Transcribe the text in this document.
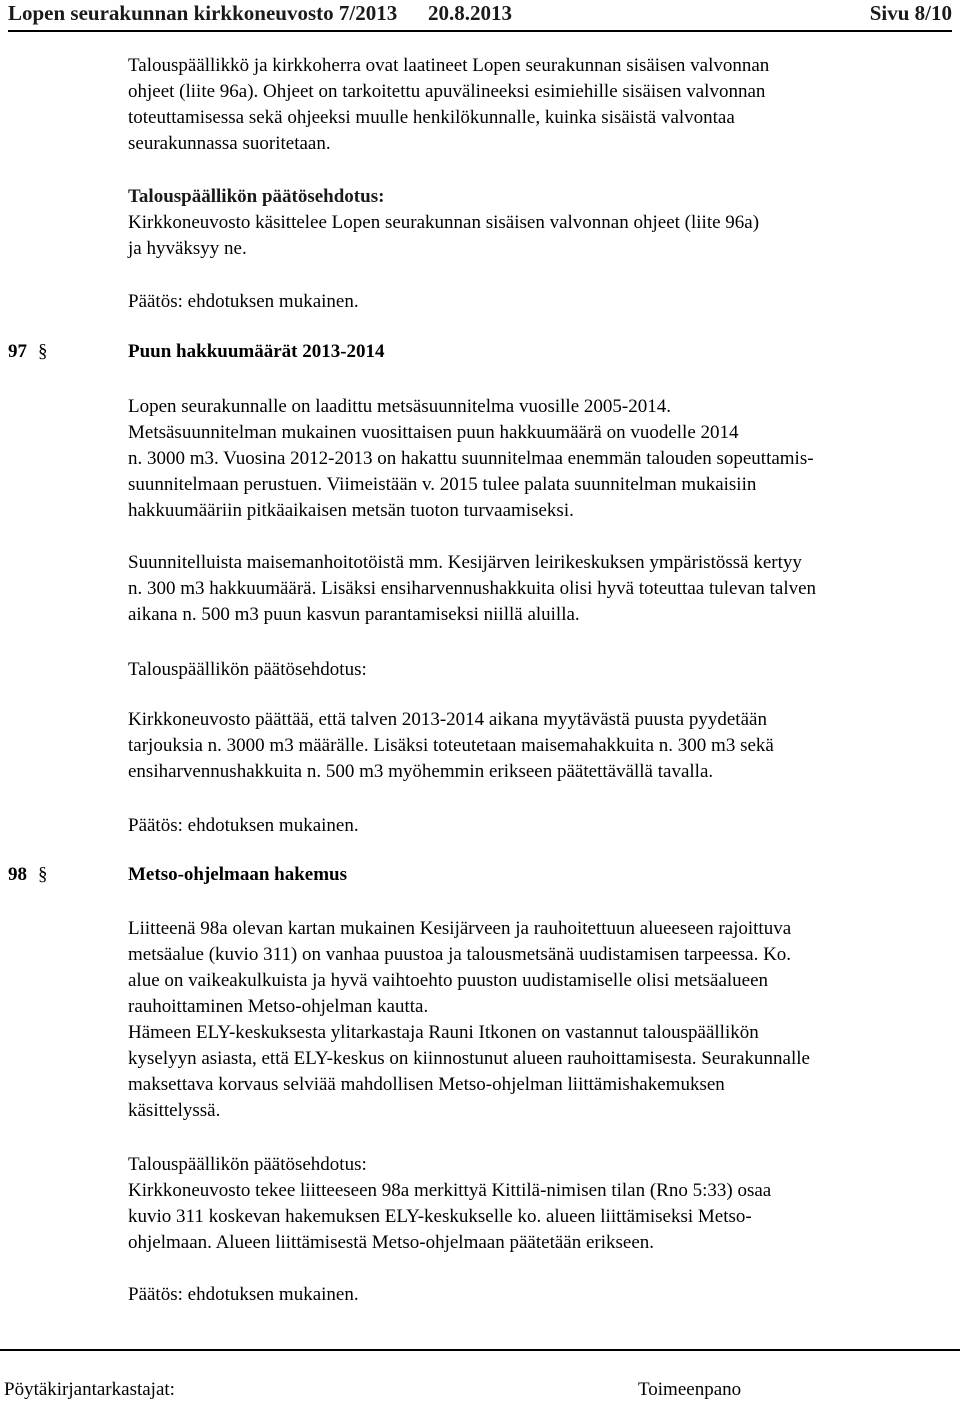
Lopen seurakunnan kirkkoneuvosto 7/2013 20.8.2013	Sivu 8/10
Talouspäällikkö ja kirkkoherra ovat laatineet Lopen seurakunnan sisäisen valvonnan
ohjeet (liite 96a). Ohjeet on tarkoitettu apuvälineeksi esimiehille sisäisen valvonnan
toteuttamisessa sekä ohjeeksi muulle henkilökunnalle, kuinka sisäistä valvontaa
seurakunnassa suoritetaan.
Talouspäällikön päätösehdotus:
Kirkkoneuvosto käsittelee Lopen seurakunnan sisäisen valvonnan ohjeet (liite 96a)
ja hyväksyy ne.
Päätös: ehdotuksen mukainen.
97 §	Puun hakkuumäärät 2013-2014
Lopen seurakunnalle on laadittu metsäsuunnitelma vuosille 2005-2014.
Metsäsuunnitelman mukainen vuosittaisen puun hakkuumäärä on vuodelle 2014
n. 3000 m3. Vuosina 2012-2013 on hakattu suunnitelmaa enemmän talouden sopeuttamis-
suunnitelmaan perustuen. Viimeistään v. 2015 tulee palata suunnitelman mukaisiin
hakkuumääriin pitkäaikaisen metsän tuoton turvaamiseksi.
Suunnitelluista maisemanhoitotöistä mm. Kesijärven leirikeskuksen ympäristössä kertyy
n. 300 m3 hakkuumäärä. Lisäksi ensiharvennushakkuita olisi hyvä toteuttaa tulevan talven
aikana n. 500 m3 puun kasvun parantamiseksi niillä aluilla.
Talouspäällikön päätösehdotus:
Kirkkoneuvosto päättää, että talven 2013-2014 aikana myytävästä puusta pyydetään
tarjouksia n. 3000 m3 määrälle. Lisäksi toteutetaan maisemahakkuita n. 300 m3 sekä
ensiharvennushakkuita n. 500 m3 myöhemmin erikseen päätettävällä tavalla.
Päätös: ehdotuksen mukainen.
98 §	Metso-ohjelmaan hakemus
Liitteenä 98a olevan kartan mukainen Kesijärveen ja rauhoitettuun alueeseen rajoittuva
metsäalue (kuvio 311) on vanhaa puustoa ja talousmetsänä uudistamisen tarpeessa. Ko.
alue on vaikeakulkuista ja hyvä vaihtoehto puuston uudistamiselle olisi metsäalueen
rauhoittaminen Metso-ohjelman kautta.
Hämeen ELY-keskuksesta ylitarkastaja Rauni Itkonen on vastannut talouspäällikön
kyselyyn asiasta, että ELY-keskus on kiinnostunut alueen rauhoittamisesta. Seurakunnalle
maksettava korvaus selviää mahdollisen Metso-ohjelman liittämishakemuksen
käsittelyssä.
Talouspäällikön päätösehdotus:
Kirkkoneuvosto tekee liitteeseen 98a merkittyä Kittilä-nimisen tilan (Rno 5:33) osaa
kuvio 311 koskevan hakemuksen ELY-keskukselle ko. alueen liittämiseksi Metso-
ohjelmaan. Alueen liittämisestä Metso-ohjelmaan päätetään erikseen.
Päätös: ehdotuksen mukainen.
Pöytäkirjantarkastajat:	Toimeenpano
